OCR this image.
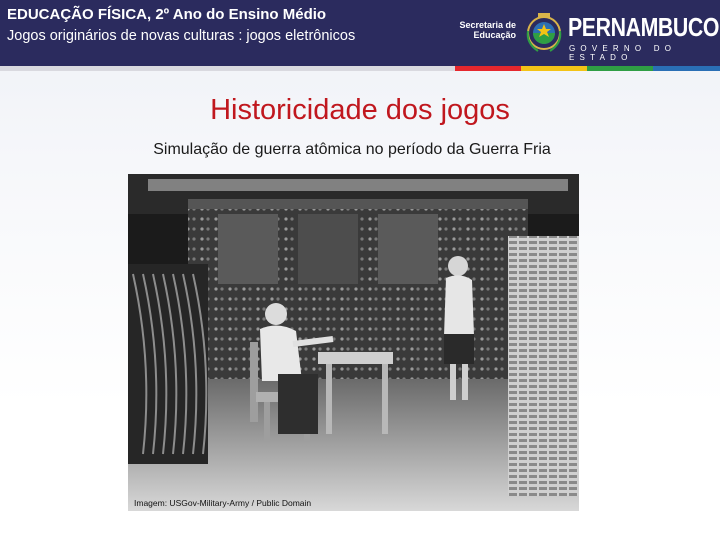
EDUCAÇÃO FÍSICA, 2º Ano do Ensino Médio
Jogos originários de novas culturas : jogos eletrônicos
Secretaria de
Educação PERNAMBUCO
GOVERNO DO ESTADO
Historicidade dos jogos
Simulação de guerra atômica no período da Guerra Fria
Imagem: USGov-Military-Army / Public Domain
